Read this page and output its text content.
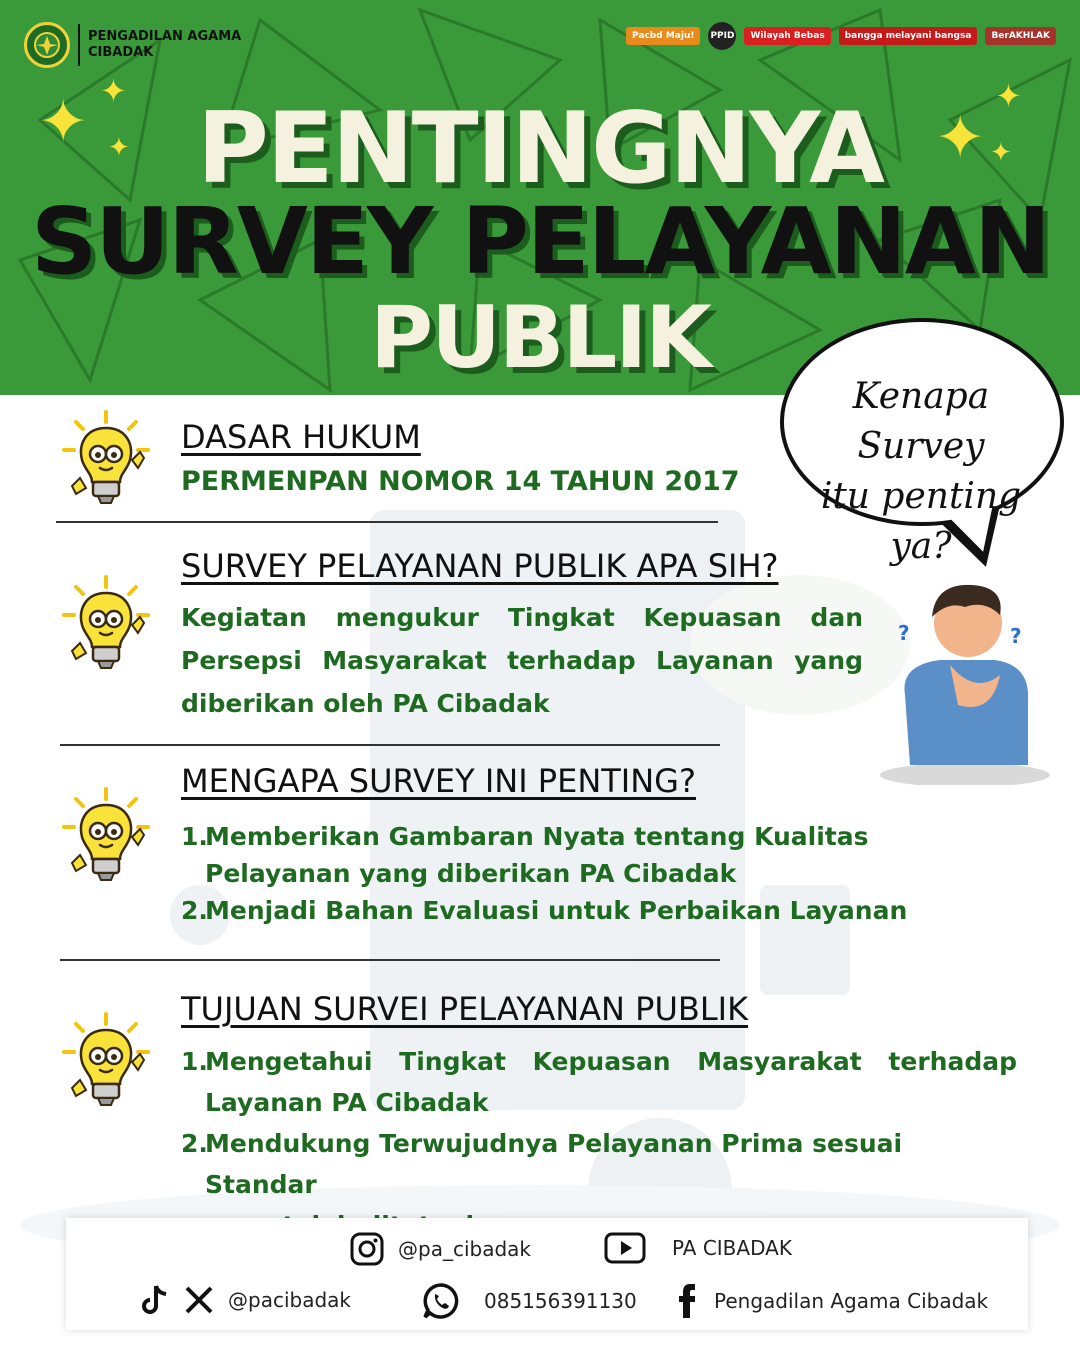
PENGADILAN AGAMA
CIBADAK
Pacbd Maju!	PPID	Wilayah Bebas	bangga melayani bangsa	BerAKHLAK
✦ ✦
✦	✦
✦
✦
PENTINGNYA
SURVEY PELAYANAN
PUBLIK
Kenapa Survey
itu penting ya?
?	?
DASAR HUKUM
PERMENPAN NOMOR 14 TAHUN 2017
SURVEY PELAYANAN PUBLIK APA SIH?
Kegiatan mengukur Tingkat Kepuasan dan
Persepsi Masyarakat terhadap Layanan yang
diberikan oleh PA Cibadak
MENGAPA SURVEY INI PENTING?
1.
Memberikan Gambaran Nyata tentang Kualitas
Pelayanan yang diberikan PA Cibadak
2.
Menjadi Bahan Evaluasi untuk Perbaikan Layanan
TUJUAN SURVEI PELAYANAN PUBLIK
1.
Mengetahui Tingkat Kepuasan Masyarakat terhadap
Layanan PA Cibadak
2.
Mendukung Terwujudnya Pelayanan Prima sesuai Standar
@pa_cibadak	PA CIBADAK
@pacibadak	085156391130	Pengadilan Agama Cibadak
